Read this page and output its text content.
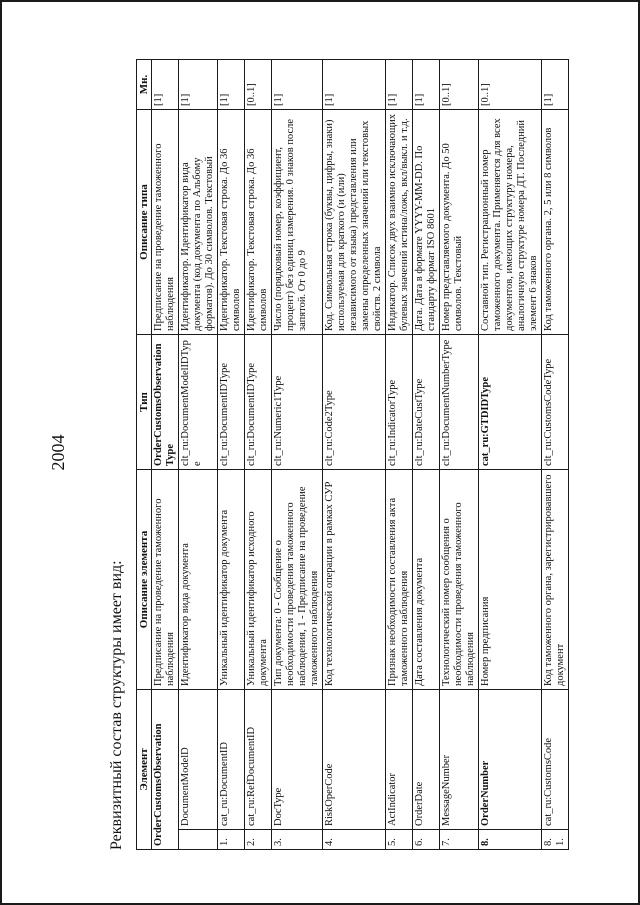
2004
Реквизитный состав структуры имеет вид: Элемент		Описание элемента	Тип	Описание типа	Мн.
OrderCustomsObservation		Предписание на проведение таможенного наблюдения	OrderCustomsObservationType	Предписание на проведение таможенного наблюдения	[1]
	DocumentModelD	Идентификатор вида документа	clt_ru:DocumentModelIDType	Идентификатор. Идентификатор вида документа (код документа по Альбому форматов). До 30 символов. Текстовый	[1]
1.	cat_ru:DocumentID	Уникальный идентификатор документа	clt_ru:DocumentIDType	Идентификатор. Текстовая строка. До 36 символов	[1]
2.	cat_ru:RefDocumentID	Уникальный идентификатор исходного документа	clt_ru:DocumentIDType	Идентификатор. Текстовая строка. До 36 символов	[0..1]
3.	DocType	Тип документа: 0 - Сообщение о необходимости проведения таможенного наблюдения, 1 - Предписание на проведение таможенного наблюдения	clt_ru:Numeric1Type	Число (порядковый номер, коэффициент, процент) без единиц измерения. 0 знаков после запятой. От 0 до 9	[1]
4.	RiskOperCode	Код технологической операции в рамках СУР	clt_ru:Code2Type	Код. Символьная строка (буквы, цифры, знаки) используемая для краткого (и (или) независимого от языка) представления или замены определенных значений или текстовых свойств. 2 символа	[1]
5.	ActIndicator	Признак необходимости составления акта таможенного наблюдения	clt_ru:IndicatorType	Индикатор. Список двух взаимно исключающих булевых значений истина/ложь, вкл/выкл. и т.д.	[1]
6.	OrderDate	Дата составления документа	clt_ru:DateCustType	Дата. Дата в формате YYYY-MM-DD. По стандарту формат ISO 8601	[1]
7.	MessageNumber	Технологический номер сообщения о необходимости проведения таможенного наблюдения	clt_ru:DocumentNumberType	Номер представляемого документа. До 50 символов. Текстовый	[0..1]
8.	OrderNumber	Номер предписания	cat_ru:GTDIDType	Составной тип. Регистрационный номер таможенного документа. Применяется для всех документов, имеющих структуру номера, аналогичную структуре номера ДТ. Последний элемент 6 знаков	[0..1]
8.1.	cat_ru:CustomsCode	Код таможенного органа, зарегистрировавшего документ	clt_ru:CustomsCodeType	Код таможенного органа. 2, 5 или 8 символов	[1]
